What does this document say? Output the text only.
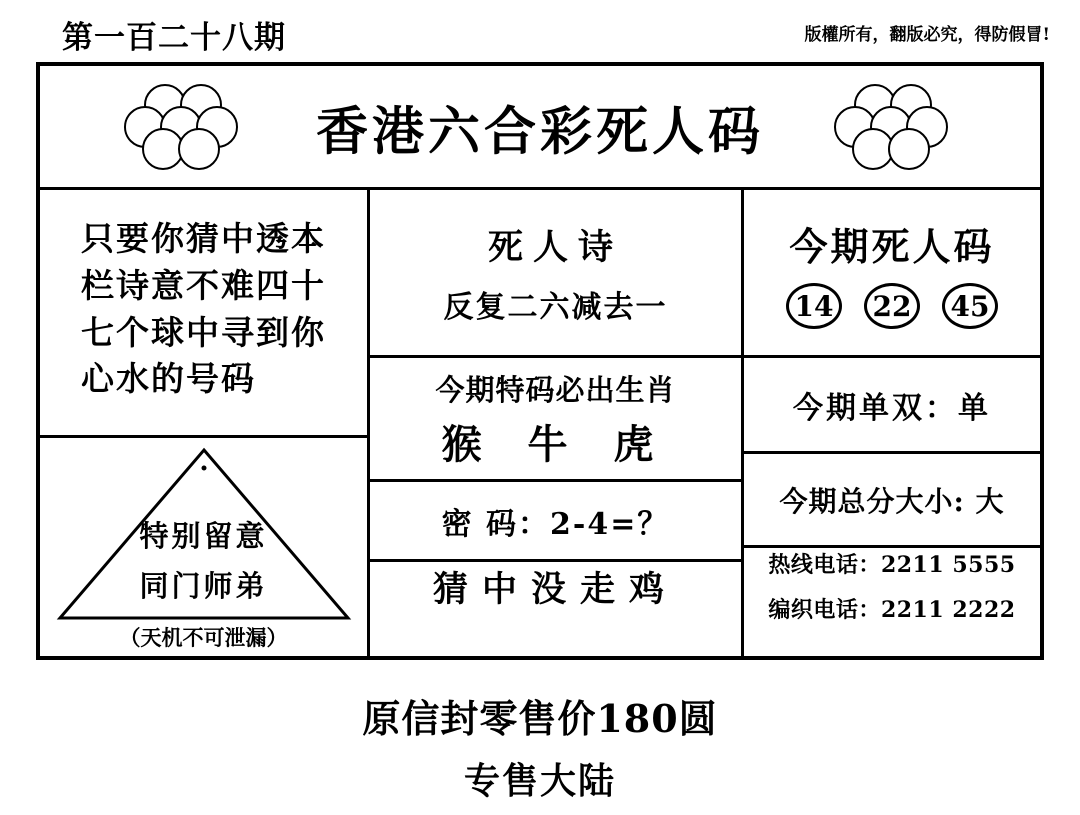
第一百二十八期	版權所有，翻版必究，得防假冒!
香港六合彩死人码
只要你猜中透本
栏诗意不难四十
七个球中寻到你
心水的号码
特别留意
同门师弟
（天机不可泄漏）
死人诗
反复二六减去一
今期特码必出生肖
猴 牛 虎
密 码：2-4=？
猜中没走鸡
今期死人码
14	22	45
今期单双：单
今期总分大小: 大
热线电话：2211 5555
编织电话：2211 2222
原信封零售价180圆
专售大陆
